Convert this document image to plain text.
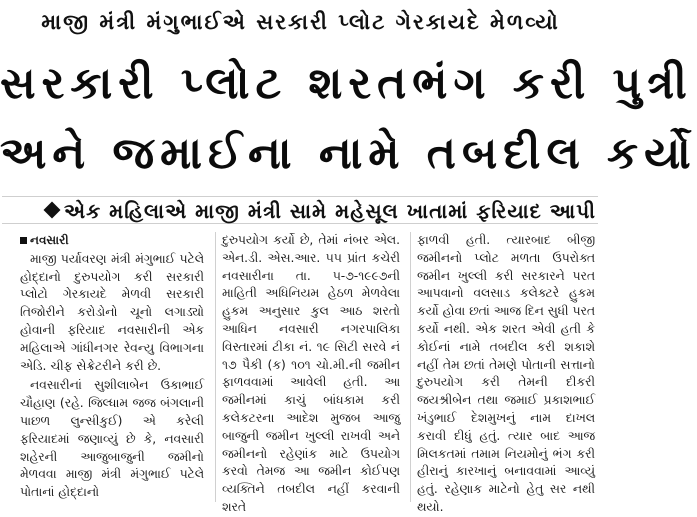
માજી મંત્રી મંગુભાઈએ સરકારી પ્લોટ ગેરકાયદે મેળવ્યો
સરકારી પ્લોટ શરતભંગ કરી પુત્રી
અને જમાઈના નામે તબદીલ કર્યો
એક મહિલાએ માજી મંત્રી સામે મહેસૂલ ખાતામાં ફરિયાદ આપી
નવસારી

માજી પર્યાવરણ મંત્રી મંગુભાઈ પટેલે હોદ્દાનો દુરુપયોગ કરી સરકારી પ્લોટો ગેરકાયદે મેળવી સરકારી તિજોરીને કરોડોનો ચૂનો લગાડ્યો હોવાની ફરિયાદ નવસારીની એક મહિલાએ ગાંધીનગર રેવન્યુ વિભાગના એડિ. ચીફ સેક્રેટરીને કરી છે.

નવસારીનાં સુશીલાબેન ઉકાભાઈ ચૌહાણ (રહે. જિલ્ધામ જજ બંગલાની પાછળ લુન્સીકુઈ) એ કરેલી ફરિયાદમાં જણાવ્યું છે કે, નવસારી શહેરની આજુબાજુની જમીનો મેળવવા માજી મંત્રી મંગુભાઈ પટેલે પોતાનાં હોદ્દાનો

દુરુપયોગ કર્યો છે, તેમાં નંબર એલ. એન.ડી. એસ.આર. ૫૫ પ્રાંત કચેરી નવસારીના તા. ૫-૭-૧૯૯૭ની માહિતી અધિનિયમ હેઠળ મેળવેલા હુકમ અનુસાર કુલ આઠ શરતો આધિન નવસારી નગરપાલિકા વિસ્તારમાં ટીકા નં. ૧૯ સિટી સરવે નં ૧૭ પૈકી (ક) ૧૦૧ ચો.મી.ની જમીન ફાળવવામાં આવેલી હતી. આ જમીનમાં કાચું બાંધકામ કરી કલેકટરના આદેશ મુજબ આજુ બાજુની જમીન ખુલ્લી રાખવી અને જમીનનો રહેણાંક માટે ઉપયોગ કરવો તેમજ આ જમીન કોઈપણ વ્યક્તિને તબદીલ નહીં કરવાની શરતે

ફાળવી હતી. ત્યારબાદ બીજી જમીનનો પ્લોટ મળતા ઉપરોક્ત જમીન ખુલ્લી કરી સરકારને પરત આપવાનો વલસાડ કલેક્ટરે હુકમ કર્યો હોવા છતાં આજ દિન સુધી પરત કર્યો નથી. એક શરત એવી હતી કે કોઈનાં નામે તબદીલ કરી શકાશે નહીં તેમ છતાં તેમણે પોતાની સત્તાનો દુરુપયોગ કરી તેમની દીકરી જયશ્રીબેન તથા જમાઈ પ્રકાશભાઈ ખંડુભાઈ દેશમુખનું નામ દાખલ કરાવી દીધું હતું. ત્યાર બાદ આજ મિલકતમાં તમામ નિયમોનું ભંગ કરી હીરાનું કારખાનું બનાવવામાં આવ્યું હતું. રહેણાક માટેનો હેતુ સર નથી થયો.
